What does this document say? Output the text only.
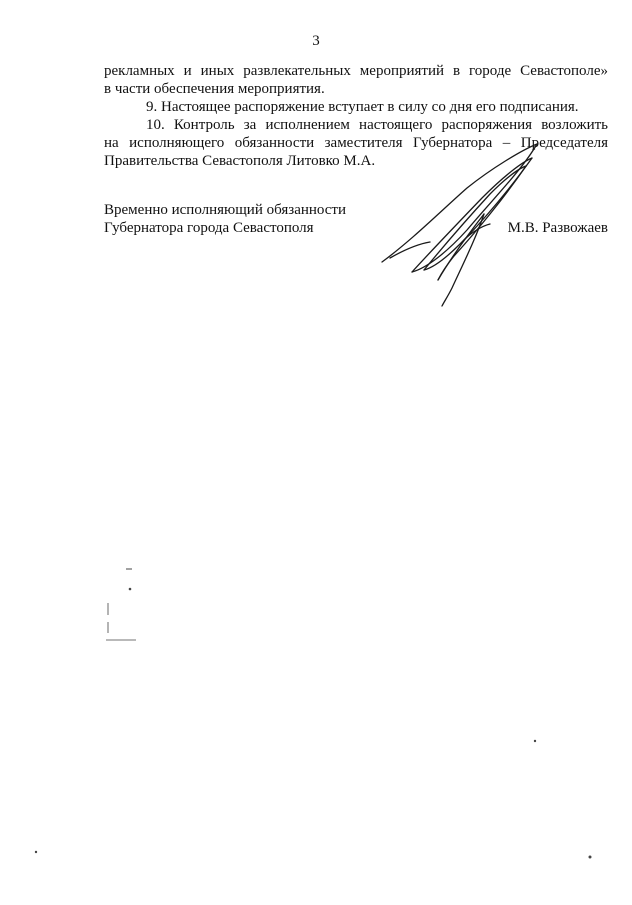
3
рекламных и иных развлекательных мероприятий в городе Севастополе»
в части обеспечения мероприятия.
9. Настоящее распоряжение вступает в силу со дня его подписания.
10. Контроль за исполнением настоящего распоряжения возложить
на исполняющего обязанности заместителя Губернатора – Председателя
Правительства Севастополя Литовко М.А.
Временно исполняющий обязанности
Губернатора города Севастополя	М.В. Развожаев
